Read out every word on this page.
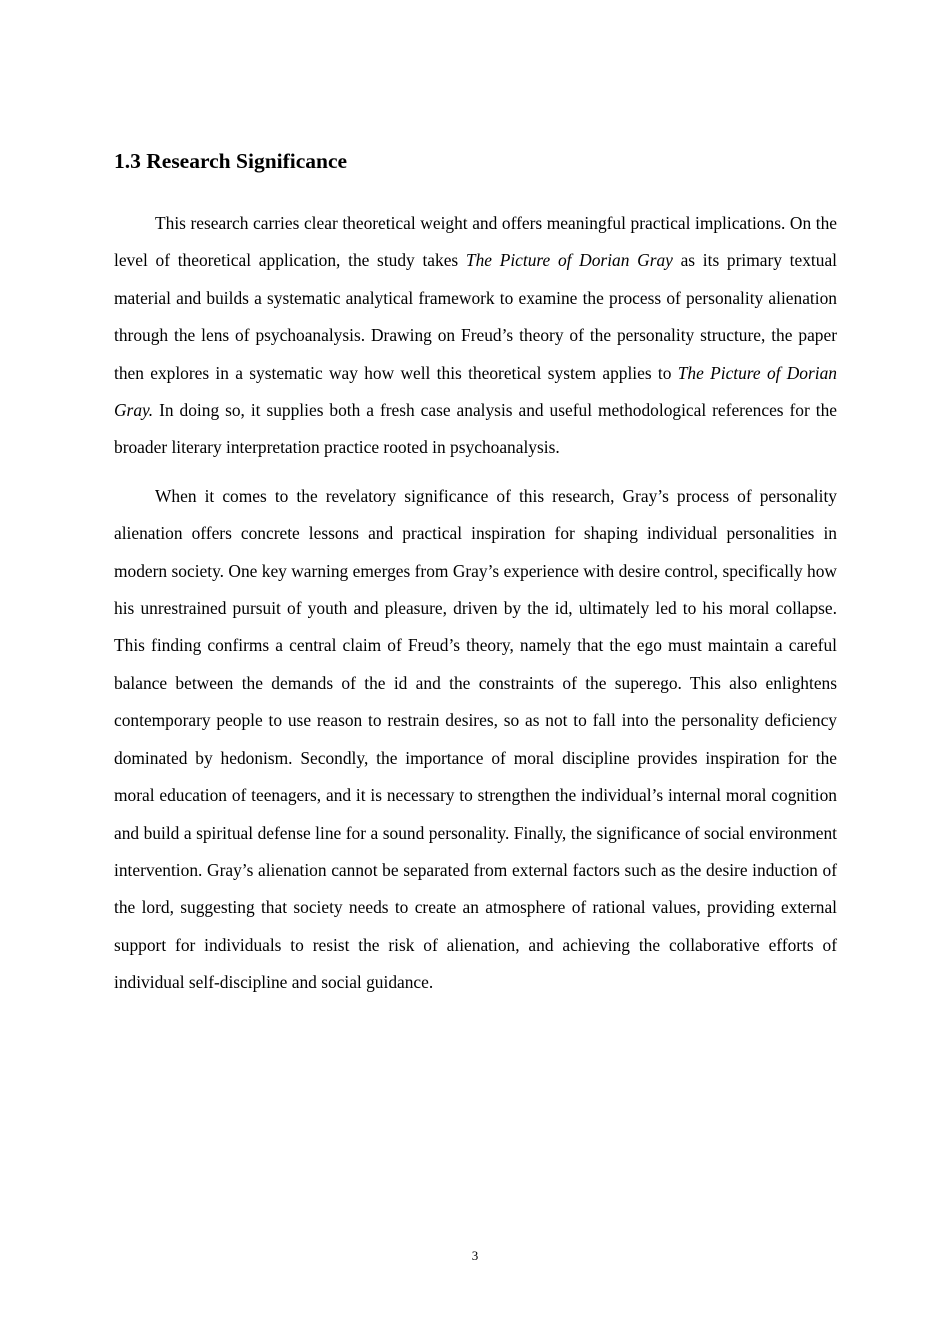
1.3 Research Significance

This research carries clear theoretical weight and offers meaningful practical implications. On the level of theoretical application, the study takes The Picture of Dorian Gray as its primary textual material and builds a systematic analytical framework to examine the process of personality alienation through the lens of psychoanalysis. Drawing on Freud’s theory of the personality structure, the paper then explores in a systematic way how well this theoretical system applies to The Picture of Dorian Gray. In doing so, it supplies both a fresh case analysis and useful methodological references for the broader literary interpretation practice rooted in psychoanalysis.

When it comes to the revelatory significance of this research, Gray’s process of personality alienation offers concrete lessons and practical inspiration for shaping individual personalities in modern society. One key warning emerges from Gray’s experience with desire control, specifically how his unrestrained pursuit of youth and pleasure, driven by the id, ultimately led to his moral collapse. This finding confirms a central claim of Freud’s theory, namely that the ego must maintain a careful balance between the demands of the id and the constraints of the superego. This also enlightens contemporary people to use reason to restrain desires, so as not to fall into the personality deficiency dominated by hedonism. Secondly, the importance of moral discipline provides inspiration for the moral education of teenagers, and it is necessary to strengthen the individual’s internal moral cognition and build a spiritual defense line for a sound personality. Finally, the significance of social environment intervention. Gray’s alienation cannot be separated from external factors such as the desire induction of the lord, suggesting that society needs to create an atmosphere of rational values, providing external support for individuals to resist the risk of alienation, and achieving the collaborative efforts of individual self-discipline and social guidance.

3
